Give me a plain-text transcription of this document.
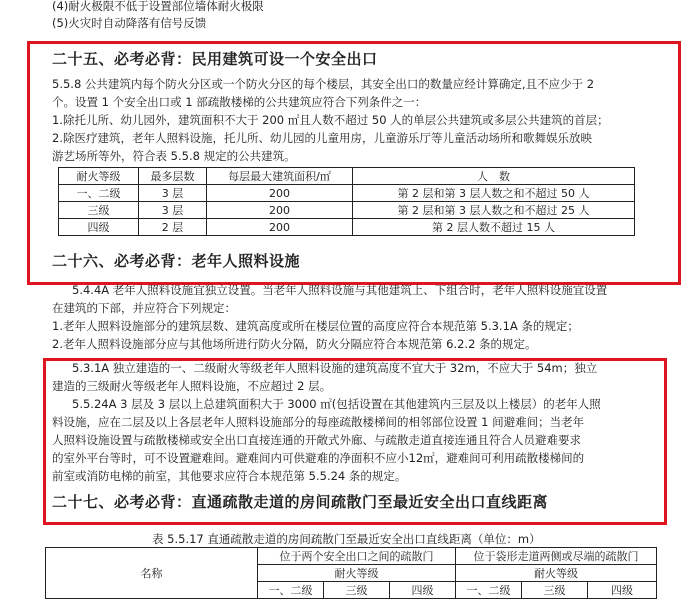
(4)耐火极限不低于设置部位墙体耐火极限
(5)火灾时自动降落有信号反馈
二十五、必考必背：民用建筑可设一个安全出口
5.5.8 公共建筑内每个防火分区或一个防火分区的每个楼层，其安全出口的数量应经计算确定,且不应少于 2
个。设置 1 个安全出口或 1 部疏散楼梯的公共建筑应符合下列条件之一：
1.除托儿所、幼儿园外，建筑面积不大于 200 ㎡且人数不超过 50 人的单层公共建筑或多层公共建筑的首层；
2.除医疗建筑，老年人照料设施，托儿所、幼儿园的儿童用房，儿童游乐厅等儿童活动场所和歌舞娱乐放映
游艺场所等外，符合表 5.5.8 规定的公共建筑。
耐火等级	最多层数	每层最大建筑面积/㎡	人　数
一、二级	3 层	200	第 2 层和第 3 层人数之和不超过 50 人
三级	3 层	200	第 2 层和第 3 层人数之和不超过 25 人
四级	2 层	200	第 2 层人数不超过 15 人
二十六、必考必背：老年人照料设施
5.4.4A 老年人照料设施宜独立设置。当老年人照料设施与其他建筑上、下组合时，老年人照料设施宜设置
在建筑的下部，并应符合下列规定：
1.老年人照料设施部分的建筑层数、建筑高度或所在楼层位置的高度应符合本规范第 5.3.1A 条的规定；
2.老年人照料设施部分应与其他场所进行防火分隔，防火分隔应符合本规范第 6.2.2 条的规定。
5.3.1A 独立建造的一、二级耐火等级老年人照料设施的建筑高度不宜大于 32m，不应大于 54m；独立
建造的三级耐火等级老年人照料设施，不应超过 2 层。
5.5.24A 3 层及 3 层以上总建筑面积大于 3000 ㎡(包括设置在其他建筑内三层及以上楼层）的老年人照
料设施，应在二层及以上各层老年人照料设施部分的每座疏散楼梯间的相邻部位设置 1 间避难间；当老年
人照料设施设置与疏散楼梯或安全出口直接连通的开敞式外廊、与疏散走道直接连通且符合人员避难要求
的室外平台等时，可不设置避难间。避难间内可供避难的净面积不应小12㎡，避难间可利用疏散楼梯间的
前室或消防电梯的前室，其他要求应符合本规范第 5.5.24 条的规定。
二十七、必考必背：直通疏散走道的房间疏散门至最近安全出口直线距离
表 5.5.17 直通疏散走道的房间疏散门至最近安全出口直线距离（单位：m）
名称	位于两个安全出口之间的疏散门			位于袋形走道两侧或尽端的疏散门		
	耐火等级			耐火等级		
	一、二级	三级	四级	一、二级	三级	四级
